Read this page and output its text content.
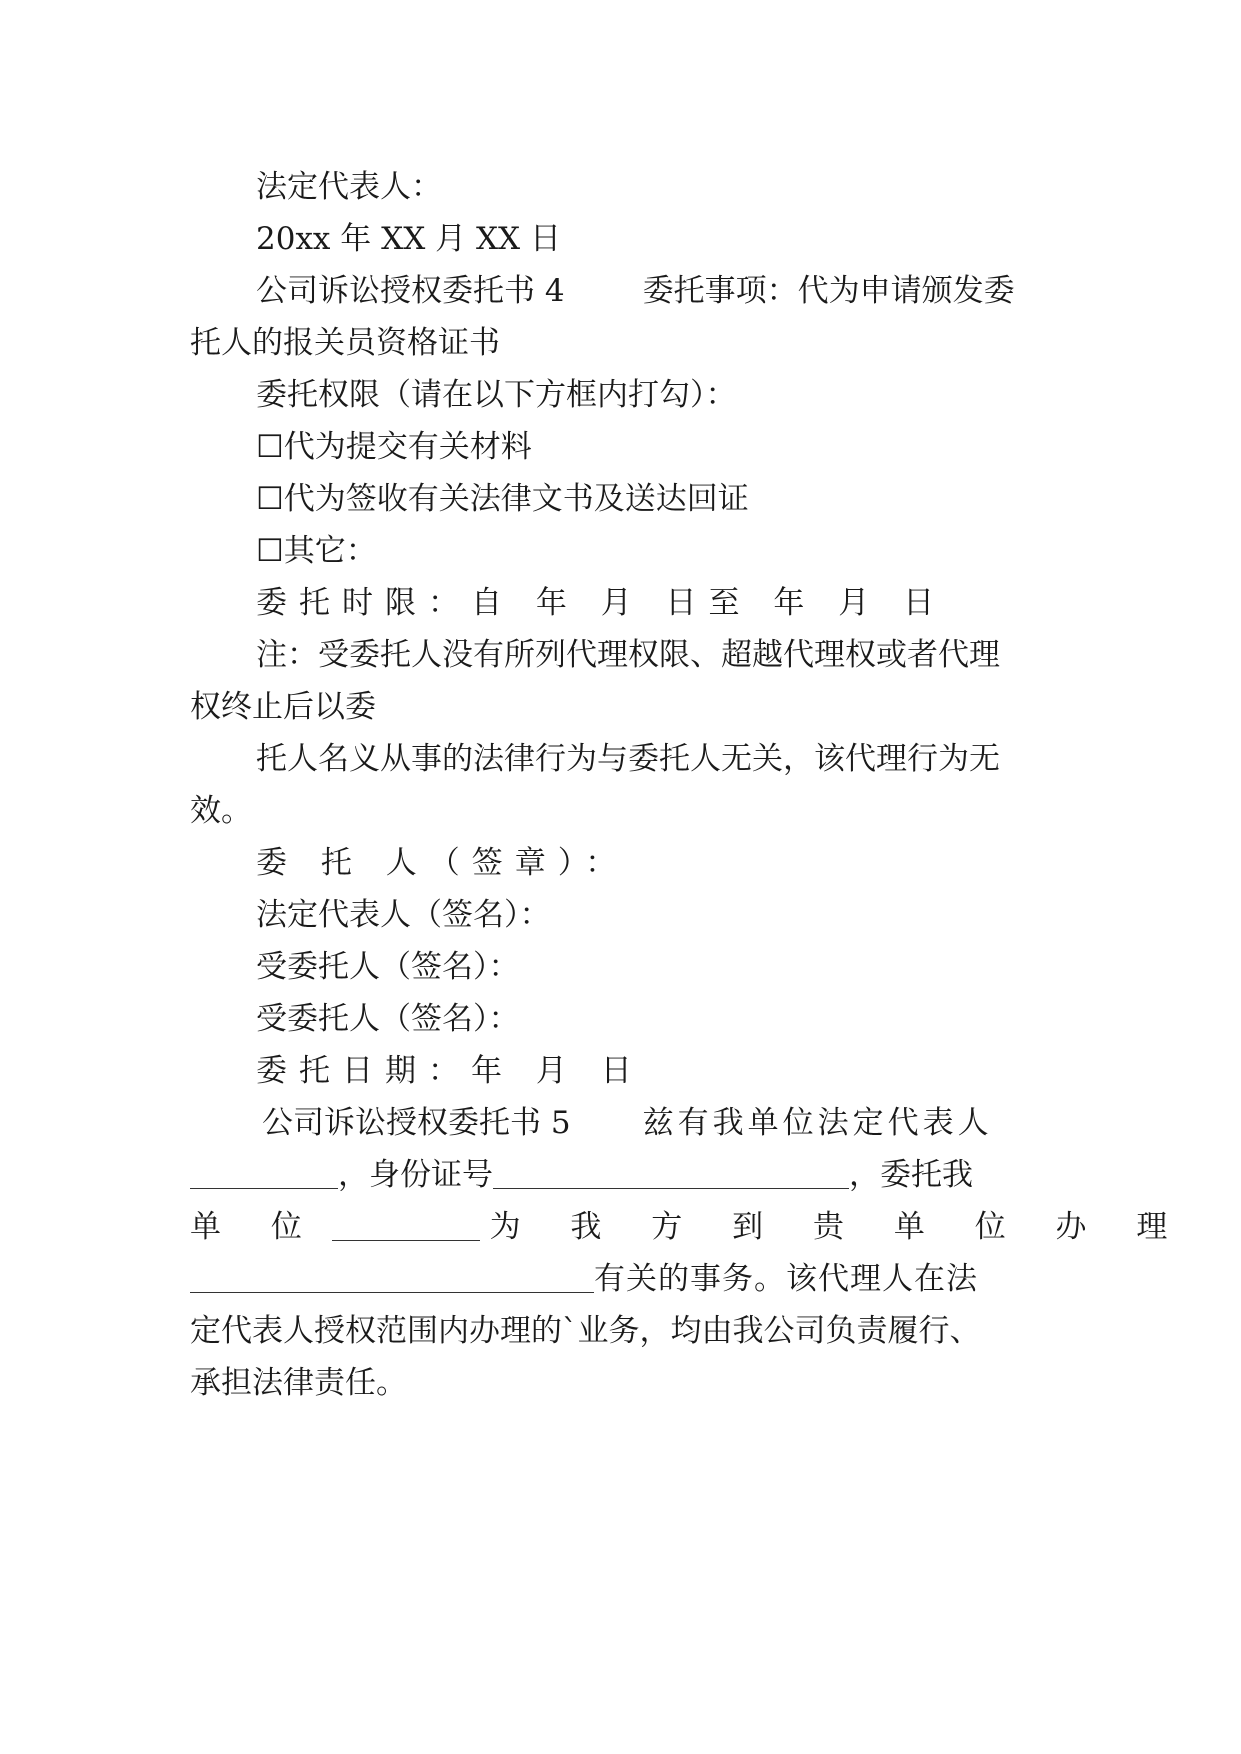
法定代表人：
20xx 年 XX 月 XX 日
公司诉讼授权委托书 4	委托事项：代为申请颁发委
托人的报关员资格证书
委托权限（请在以下方框内打勾）：
☐代为提交有关材料
☐代为签收有关法律文书及送达回证
☐其它：
委托时限：自 年 月 日至 年 月 日
注：受委托人没有所列代理权限、超越代理权或者代理
权终止后以委
托人名义从事的法律行为与委托人无关，该代理行为无
效。
委 托 人（签章）：
法定代表人（签名）：
受委托人（签名）：
受委托人（签名）：
委托日期：年 月 日
公司诉讼授权委托书 5 兹有我单位法定代表人
，身份证号	，委托我
单 位	为 我 方 到 贵 单 位 办 理
有关的事务。该代理人在法
定代表人授权范围内办理的`业务，均由我公司负责履行、
承担法律责任。
